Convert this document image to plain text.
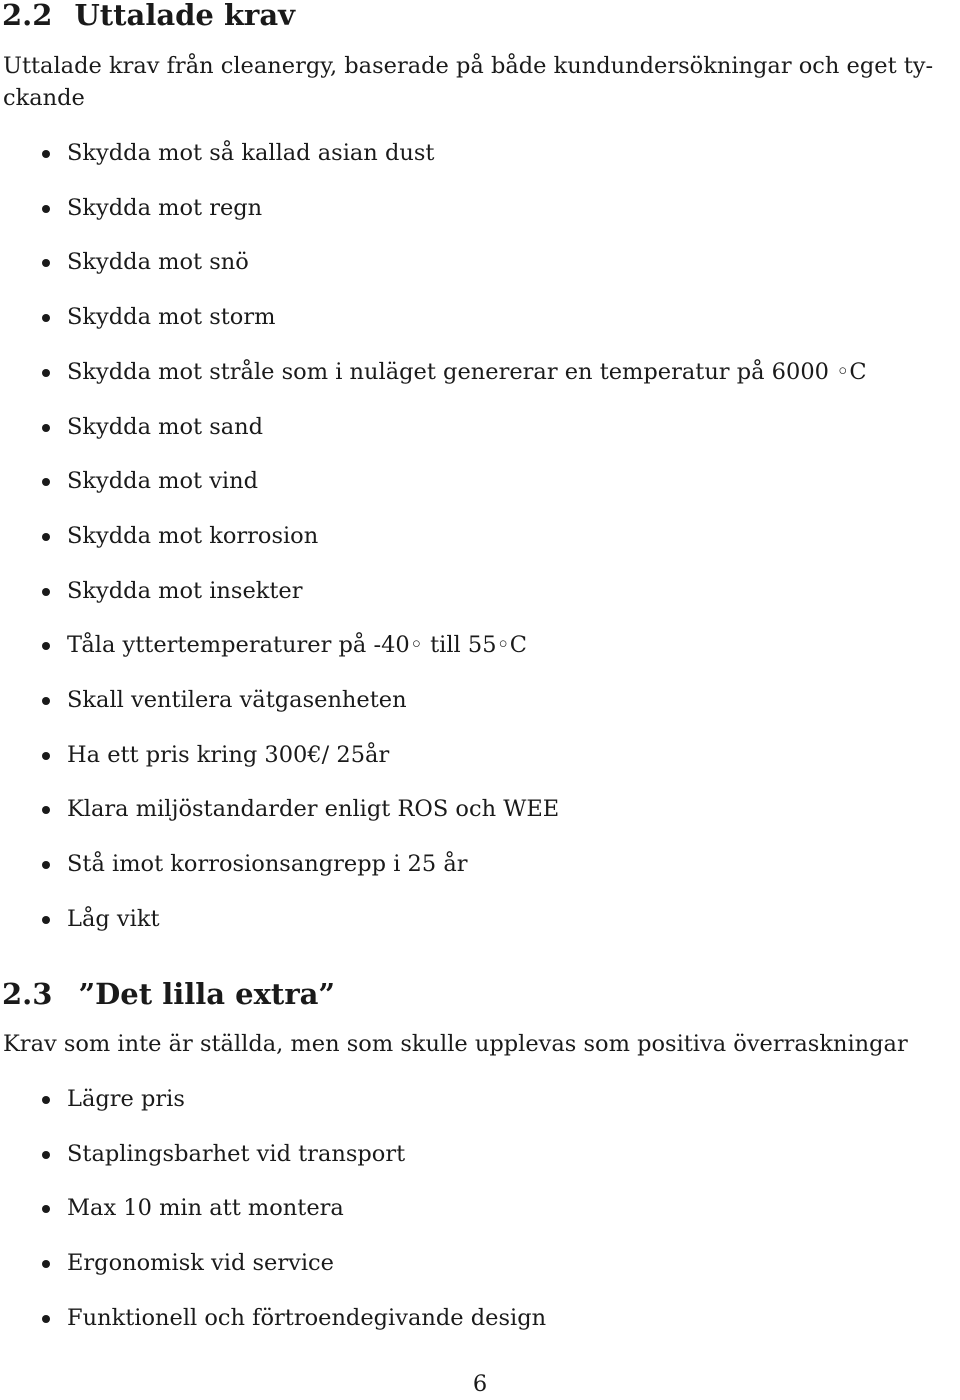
2.2 Uttalade krav

Uttalade krav från cleanergy, baserade på både kundundersökningar och eget ty-
ckande

Skydda mot så kallad asian dust
Skydda mot regn
Skydda mot snö
Skydda mot storm
Skydda mot stråle som i nuläget genererar en temperatur på 6000 ◦C
Skydda mot sand
Skydda mot vind
Skydda mot korrosion
Skydda mot insekter
Tåla yttertemperaturer på -40◦ till 55◦C
Skall ventilera vätgasenheten
Ha ett pris kring 300€/ 25år
Klara miljöstandarder enligt ROS och WEE
Stå imot korrosionsangrepp i 25 år
Låg vikt
2.3 ”Det lilla extra”

Krav som inte är ställda, men som skulle upplevas som positiva överraskningar

Lägre pris
Staplingsbarhet vid transport
Max 10 min att montera
Ergonomisk vid service
Funktionell och förtroendegivande design
6
